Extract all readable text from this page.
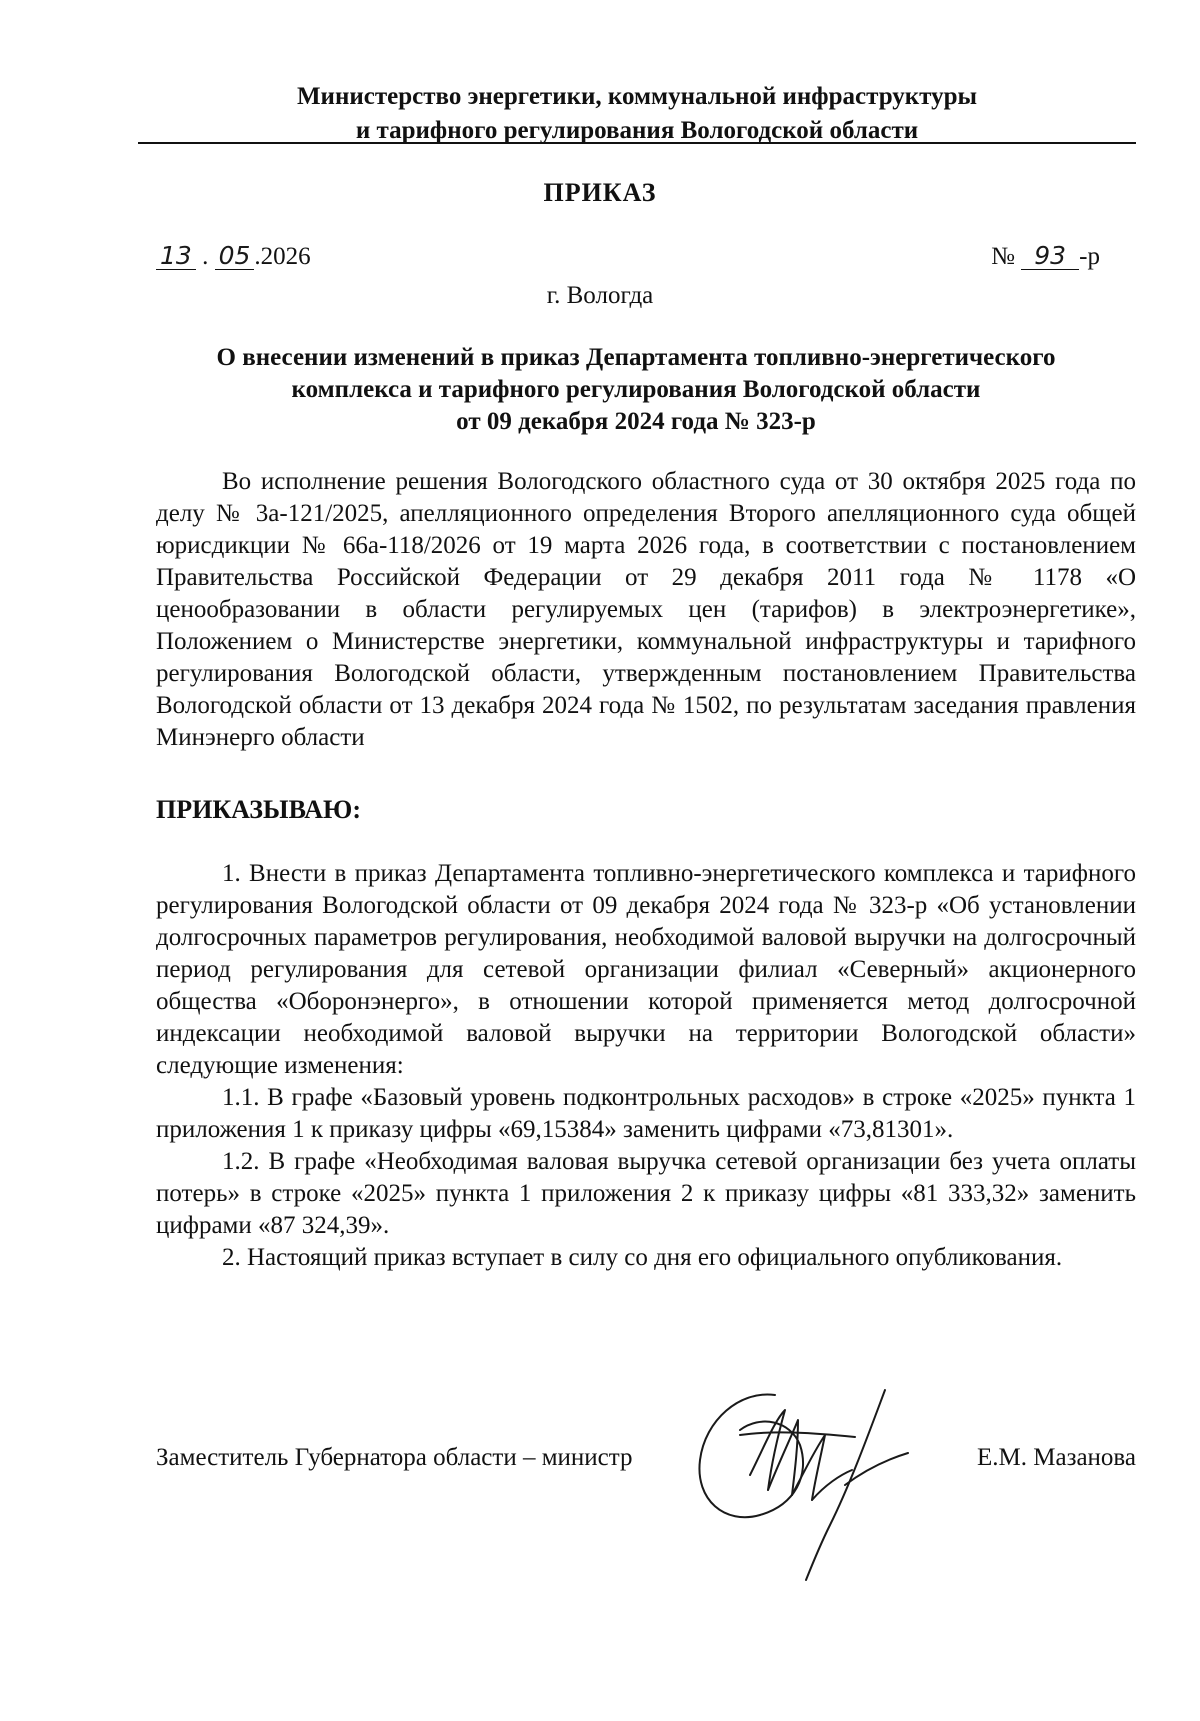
Министерство энергетики, коммунальной инфраструктуры
и тарифного регулирования Вологодской области
ПРИКАЗ
13 . 05 .2026	№ 93 -р
г. Вологда
О внесении изменений в приказ Департамента топливно-энергетического
комплекса и тарифного регулирования Вологодской области
от 09 декабря 2024 года № 323-р

Во исполнение решения Вологодского областного суда от 30 октября 2025 года по делу № 3а-121/2025, апелляционного определения Второго апелляционного суда общей юрисдикции № 66а-118/2026 от 19 марта 2026 года, в соответствии с постановлением Правительства Российской Федерации от 29 декабря 2011 года № 1178 «О ценообразовании в области регулируемых цен (тарифов) в электроэнергетике», Положением о Министерстве энергетики, коммунальной инфраструктуры и тарифного регулирования Вологодской области, утвержденным постановлением Правительства Вологодской области от 13 декабря 2024 года № 1502, по результатам заседания правления Минэнерго области

ПРИКАЗЫВАЮ:

1. Внести в приказ Департамента топливно-энергетического комплекса и тарифного регулирования Вологодской области от 09 декабря 2024 года № 323-р «Об установлении долгосрочных параметров регулирования, необходимой валовой выручки на долгосрочный период регулирования для сетевой организации филиал «Северный» акционерного общества «Оборонэнерго», в отношении которой применяется метод долгосрочной индексации необходимой валовой выручки на территории Вологодской области» следующие изменения:

1.1. В графе «Базовый уровень подконтрольных расходов» в строке «2025» пункта 1 приложения 1 к приказу цифры «69,15384» заменить цифрами «73,81301».

1.2. В графе «Необходимая валовая выручка сетевой организации без учета оплаты потерь» в строке «2025» пункта 1 приложения 2 к приказу цифры «81 333,32» заменить цифрами «87 324,39».

2. Настоящий приказ вступает в силу со дня его официального опубликования.

Заместитель Губернатора области – министр	Е.М. Мазанова
